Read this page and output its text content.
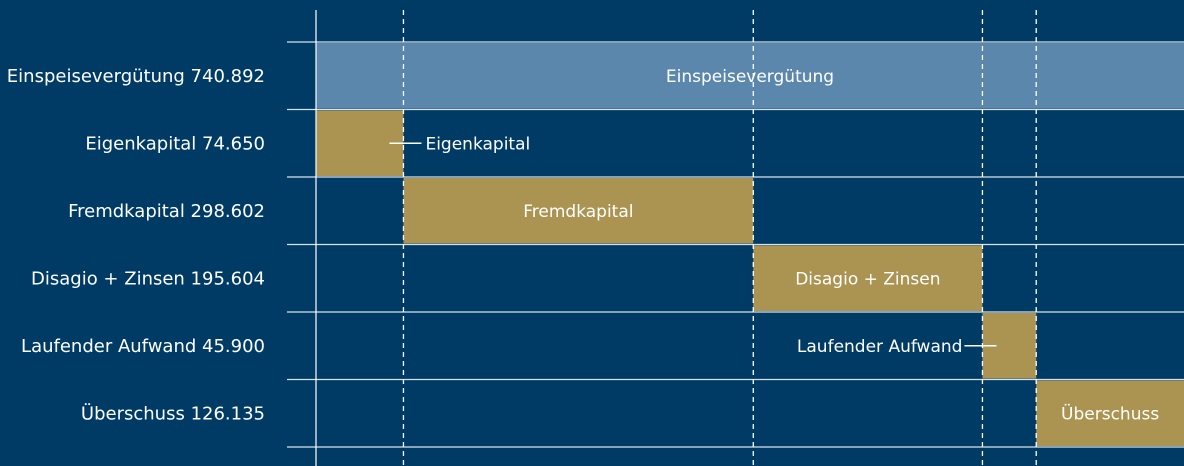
Einspeisevergütung 740.892
Eigenkapital 74.650
Fremdkapital 298.602
Disagio + Zinsen 195.604
Laufender Aufwand 45.900
Überschuss 126.135
Einspeisevergütung
Eigenkapital
Fremdkapital
Disagio + Zinsen
Laufender Aufwand
Überschuss
